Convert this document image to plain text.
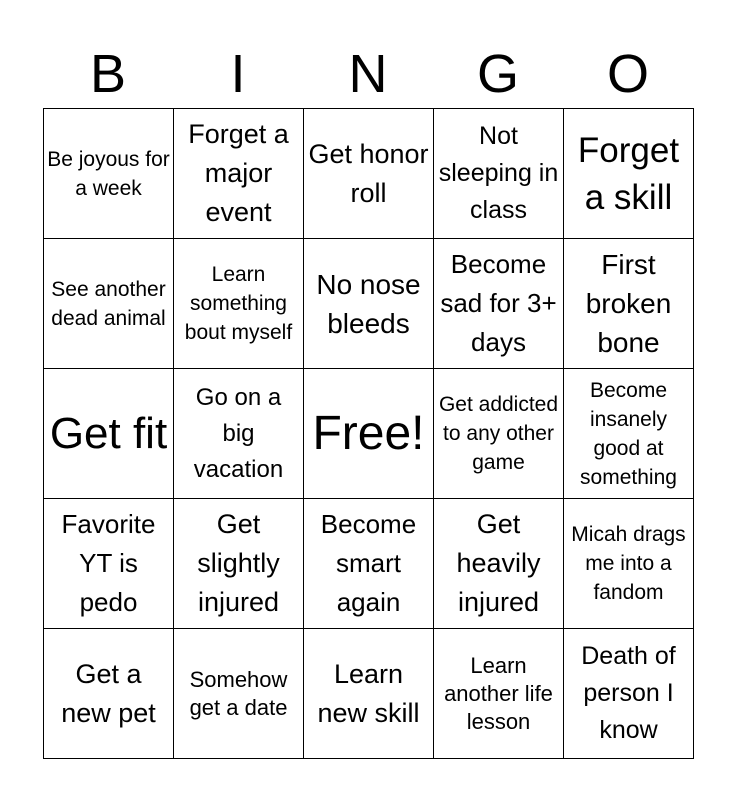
B	I	N	G	O
Be joyous for a week	Forget a major event	Get honor roll	Not sleeping in class	Forget a skill
See another dead animal	Learn something bout myself	No nose bleeds	Become sad for 3+ days	First broken bone
Get fit	Go on a big vacation	Free!	Get addicted to any other game	Become insanely good at something
Favorite YT is pedo	Get slightly injured	Become smart again	Get heavily injured	Micah drags me into a fandom
Get a new pet	Somehow get a date	Learn new skill	Learn another life lesson	Death of person I know
